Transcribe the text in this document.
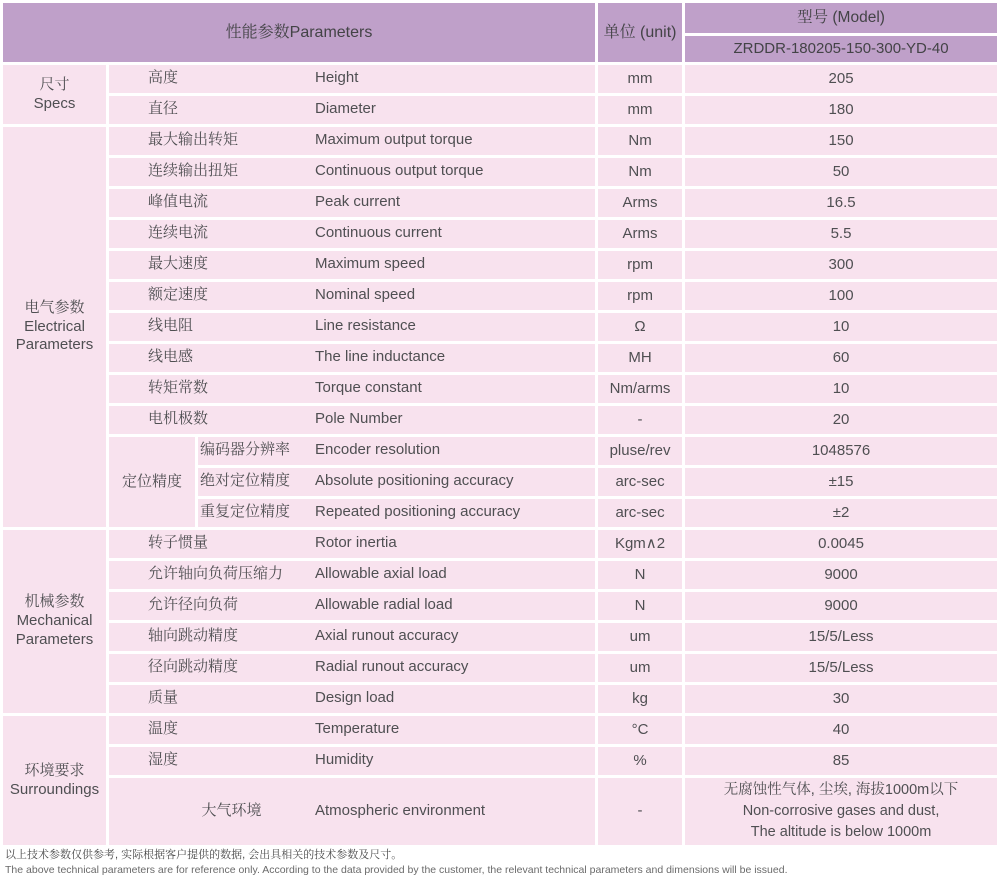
性能参数Parameters			单位 (unit)	型号 (Model)
				ZRDDR-180205-150-300-YD-40

尺寸
Specs	高度 Height		mm	205
	直径 Diameter		mm	180

电气参数
Electrical Parameters	最大输出转矩 Maximum output torque		Nm	150
	连续输出扭矩 Continuous output torque		Nm	50
	峰值电流 Peak current		Arms	16.5
	连续电流 Continuous current		Arms	5.5
	最大速度 Maximum speed		rpm	300
	额定速度 Nominal speed		rpm	100
	线电阻 Line resistance		Ω	10
	线电感 The line inductance		MH	60
	转矩常数 Torque constant		Nm/arms	10
	电机极数 Pole Number		-	20
	定位精度	编码器分辨率 Encoder resolution	pluse/rev	1048576
		绝对定位精度 Absolute positioning accuracy	arc-sec	±15
		重复定位精度 Repeated positioning accuracy	arc-sec	±2

机械参数
Mechanical Parameters	转子惯量 Rotor inertia		Kgm∧2	0.0045
	允许轴向负荷压缩力 Allowable axial load		N	9000
	允许径向负荷 Allowable radial load		N	9000
	轴向跳动精度 Axial runout accuracy		um	15/5/Less
	径向跳动精度 Radial runout accuracy		um	15/5/Less
	质量 Design load		kg	30

环境要求
Surroundings	温度 Temperature		°C	40
	湿度 Humidity		%	85
	大气环境 Atmospheric environment		-	无腐蚀性气体, 尘埃, 海拔1000m以下
Non-corrosive gases and dust,
The altitude is below 1000m
以上技术参数仅供参考, 实际根据客户提供的数据, 会出具相关的技术参数及尺寸。
The above technical parameters are for reference only. According to the data provided by the customer, the relevant technical parameters and dimensions will be issued.
